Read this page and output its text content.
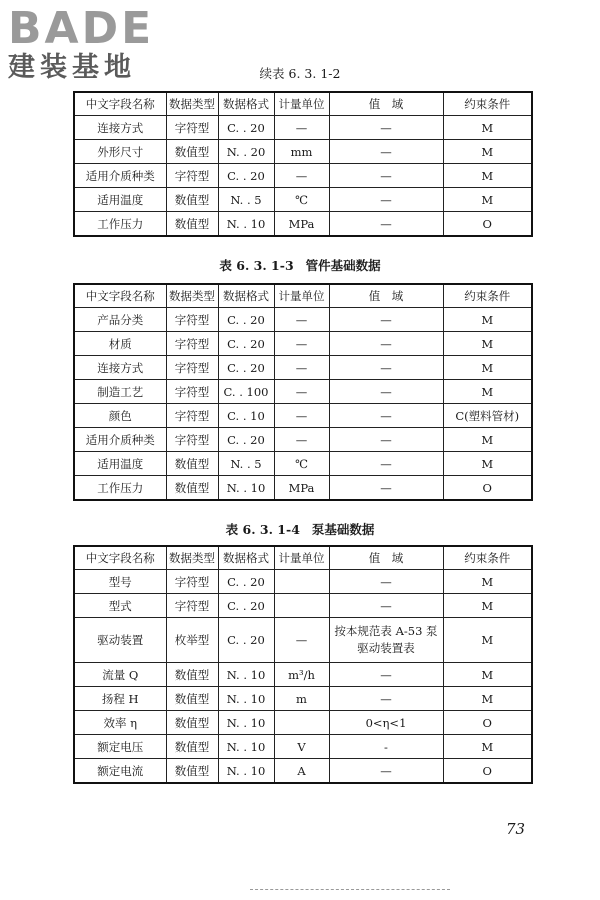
BADE
建装基地	续表 6. 3. 1-2
中文字段名称	数据类型	数据格式	计量单位	值　域	约束条件
连接方式	字符型	C. . 20	—	—	M
外形尺寸	数值型	N. . 20	mm	—	M
适用介质种类	字符型	C. . 20	—	—	M
适用温度	数值型	N. . 5	℃	—	M
工作压力	数值型	N. . 10	MPa	—	O
表 6. 3. 1-3 管件基础数据
中文字段名称	数据类型	数据格式	计量单位	值　域	约束条件
产品分类	字符型	C. . 20	—	—	M
材质	字符型	C. . 20	—	—	M
连接方式	字符型	C. . 20	—	—	M
制造工艺	字符型	C. . 100	—	—	M
颜色	字符型	C. . 10	—	—	C(塑料管材)
适用介质种类	字符型	C. . 20	—	—	M
适用温度	数值型	N. . 5	℃	—	M
工作压力	数值型	N. . 10	MPa	—	O
表 6. 3. 1-4 泵基础数据
中文字段名称	数据类型	数据格式	计量单位	值　域	约束条件
型号	字符型	C. . 20		—	M
型式	字符型	C. . 20		—	M
驱动装置	枚举型	C. . 20	—	按本规范表 A-53 泵驱动装置表	M
流量 Q	数值型	N. . 10	m³/h	—	M
扬程 H	数值型	N. . 10	m	—	M
效率 η	数值型	N. . 10		0<η<1	O
额定电压	数值型	N. . 10	V	-	M
额定电流	数值型	N. . 10	A	—	O
73
